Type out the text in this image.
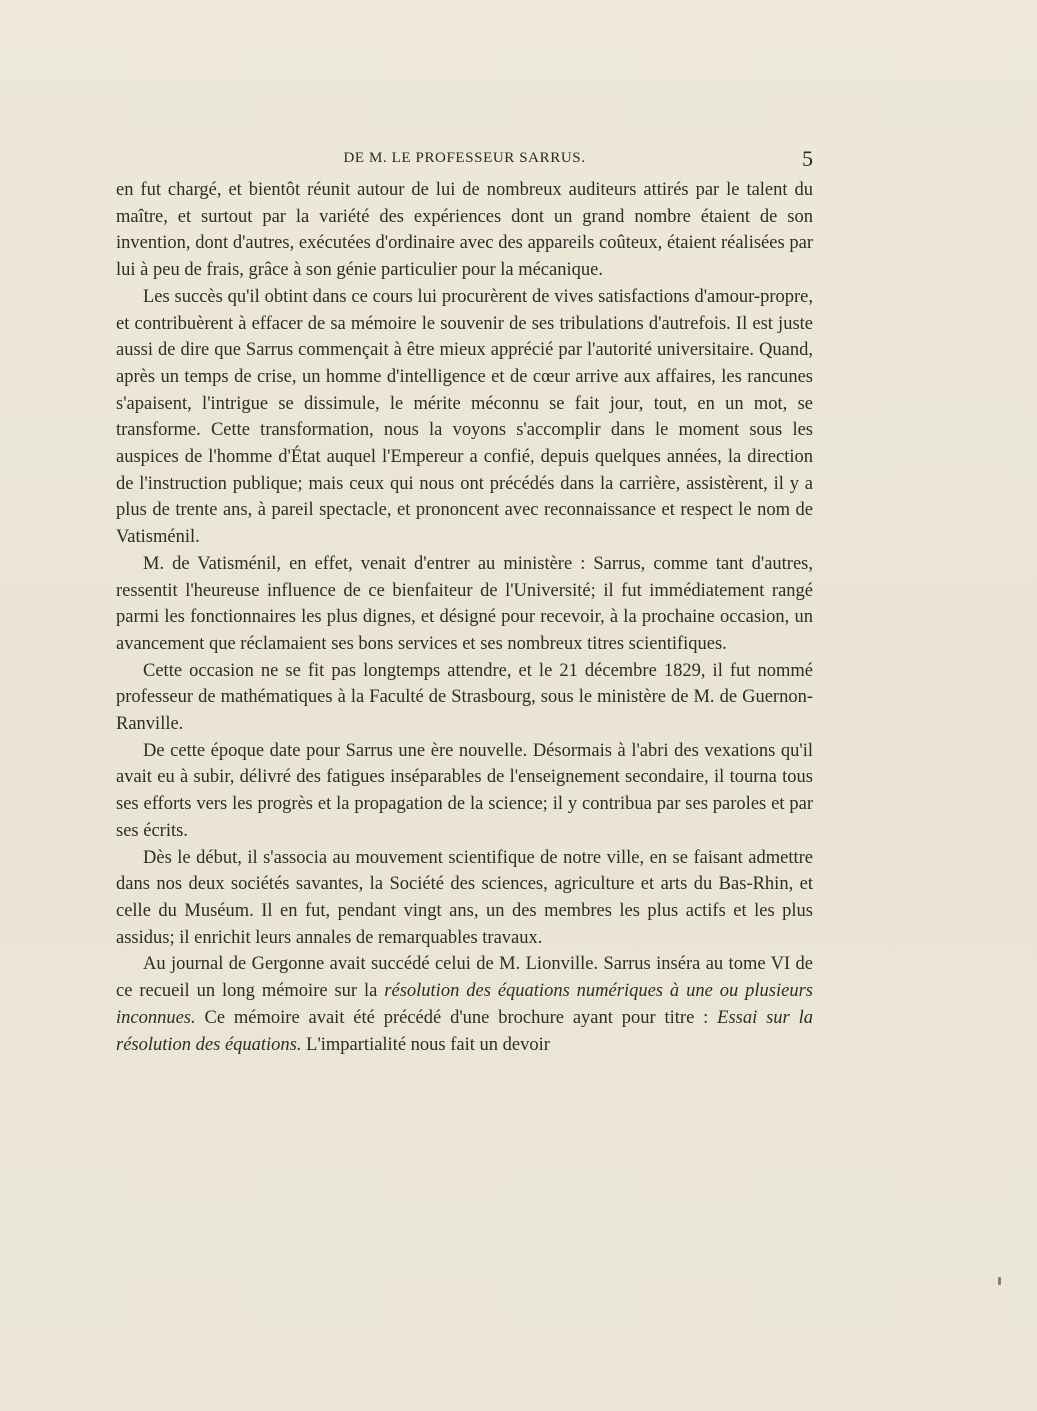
DE M. LE PROFESSEUR SARRUS.	5

en fut chargé, et bientôt réunit autour de lui de nombreux auditeurs attirés par le talent du maître, et surtout par la variété des expériences dont un grand nombre étaient de son invention, dont d'autres, exécutées d'ordinaire avec des appareils coûteux, étaient réalisées par lui à peu de frais, grâce à son génie particulier pour la mécanique.

Les succès qu'il obtint dans ce cours lui procurèrent de vives satisfactions d'amour-propre, et contribuèrent à effacer de sa mémoire le souvenir de ses tribulations d'autrefois. Il est juste aussi de dire que Sarrus commençait à être mieux apprécié par l'autorité universitaire. Quand, après un temps de crise, un homme d'intelligence et de cœur arrive aux affaires, les rancunes s'apaisent, l'intrigue se dissimule, le mérite méconnu se fait jour, tout, en un mot, se transforme. Cette transformation, nous la voyons s'accomplir dans le moment sous les auspices de l'homme d'État auquel l'Empereur a confié, depuis quelques années, la direction de l'instruction publique; mais ceux qui nous ont précédés dans la carrière, assistèrent, il y a plus de trente ans, à pareil spectacle, et prononcent avec reconnaissance et respect le nom de Vatisménil.

M. de Vatisménil, en effet, venait d'entrer au ministère : Sarrus, comme tant d'autres, ressentit l'heureuse influence de ce bienfaiteur de l'Université; il fut immédiatement rangé parmi les fonctionnaires les plus dignes, et désigné pour recevoir, à la prochaine occasion, un avancement que réclamaient ses bons services et ses nombreux titres scientifiques.

Cette occasion ne se fit pas longtemps attendre, et le 21 décembre 1829, il fut nommé professeur de mathématiques à la Faculté de Strasbourg, sous le ministère de M. de Guernon-Ranville.

De cette époque date pour Sarrus une ère nouvelle. Désormais à l'abri des vexations qu'il avait eu à subir, délivré des fatigues inséparables de l'enseignement secondaire, il tourna tous ses efforts vers les progrès et la propagation de la science; il y contribua par ses paroles et par ses écrits.

Dès le début, il s'associa au mouvement scientifique de notre ville, en se faisant admettre dans nos deux sociétés savantes, la Société des sciences, agriculture et arts du Bas-Rhin, et celle du Muséum. Il en fut, pendant vingt ans, un des membres les plus actifs et les plus assidus; il enrichit leurs annales de remarquables travaux.

Au journal de Gergonne avait succédé celui de M. Lionville. Sarrus inséra au tome VI de ce recueil un long mémoire sur la résolution des équations numériques à une ou plusieurs inconnues. Ce mémoire avait été précédé d'une brochure ayant pour titre : Essai sur la résolution des équations. L'impartialité nous fait un devoir
